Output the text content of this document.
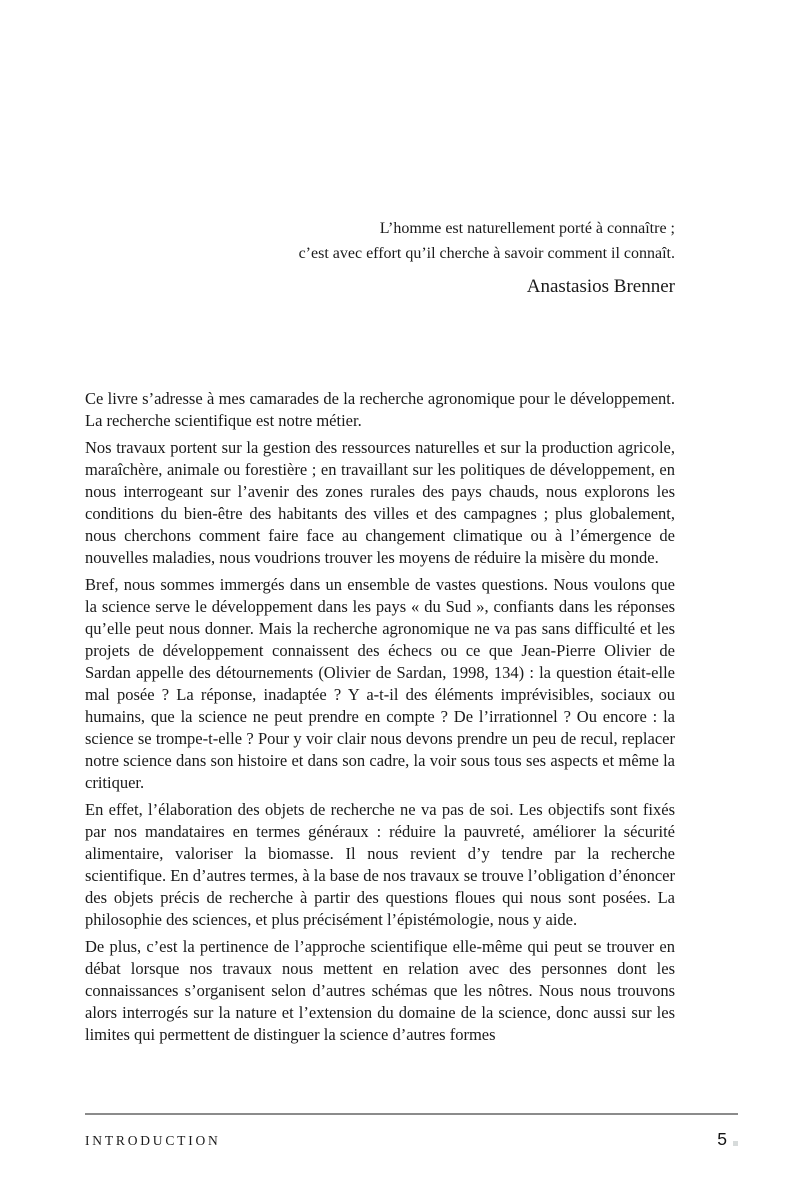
L’homme est naturellement porté à connaître ;
c’est avec effort qu’il cherche à savoir comment il connaît.
Anastasios Brenner

Ce livre s’adresse à mes camarades de la recherche agronomique pour le développement. La recherche scientifique est notre métier.

Nos travaux portent sur la gestion des ressources naturelles et sur la production agricole, maraîchère, animale ou forestière ; en travaillant sur les politiques de développement, en nous interrogeant sur l’avenir des zones rurales des pays chauds, nous explorons les conditions du bien-être des habitants des villes et des campagnes ; plus globalement, nous cherchons comment faire face au changement climatique ou à l’émergence de nouvelles maladies, nous voudrions trouver les moyens de réduire la misère du monde.

Bref, nous sommes immergés dans un ensemble de vastes questions. Nous voulons que la science serve le développement dans les pays « du Sud », confiants dans les réponses qu’elle peut nous donner. Mais la recherche agronomique ne va pas sans difficulté et les projets de développement connaissent des échecs ou ce que Jean-Pierre Olivier de Sardan appelle des détournements (Olivier de Sardan, 1998, 134) : la question était-elle mal posée ? La réponse, inadaptée ? Y a-t-il des éléments imprévisibles, sociaux ou humains, que la science ne peut prendre en compte ? De l’irrationnel ? Ou encore : la science se trompe-t-elle ? Pour y voir clair nous devons prendre un peu de recul, replacer notre science dans son histoire et dans son cadre, la voir sous tous ses aspects et même la critiquer.

En effet, l’élaboration des objets de recherche ne va pas de soi. Les objectifs sont fixés par nos mandataires en termes généraux : réduire la pauvreté, améliorer la sécurité alimentaire, valoriser la biomasse. Il nous revient d’y tendre par la recherche scientifique. En d’autres termes, à la base de nos travaux se trouve l’obligation d’énoncer des objets précis de recherche à partir des questions floues qui nous sont posées. La philosophie des sciences, et plus précisément l’épistémologie, nous y aide.

De plus, c’est la pertinence de l’approche scientifique elle-même qui peut se trouver en débat lorsque nos travaux nous mettent en relation avec des personnes dont les connaissances s’organisent selon d’autres schémas que les nôtres. Nous nous trouvons alors interrogés sur la nature et l’extension du domaine de la science, donc aussi sur les limites qui permettent de distinguer la science d’autres formes

INTRODUCTION	5
